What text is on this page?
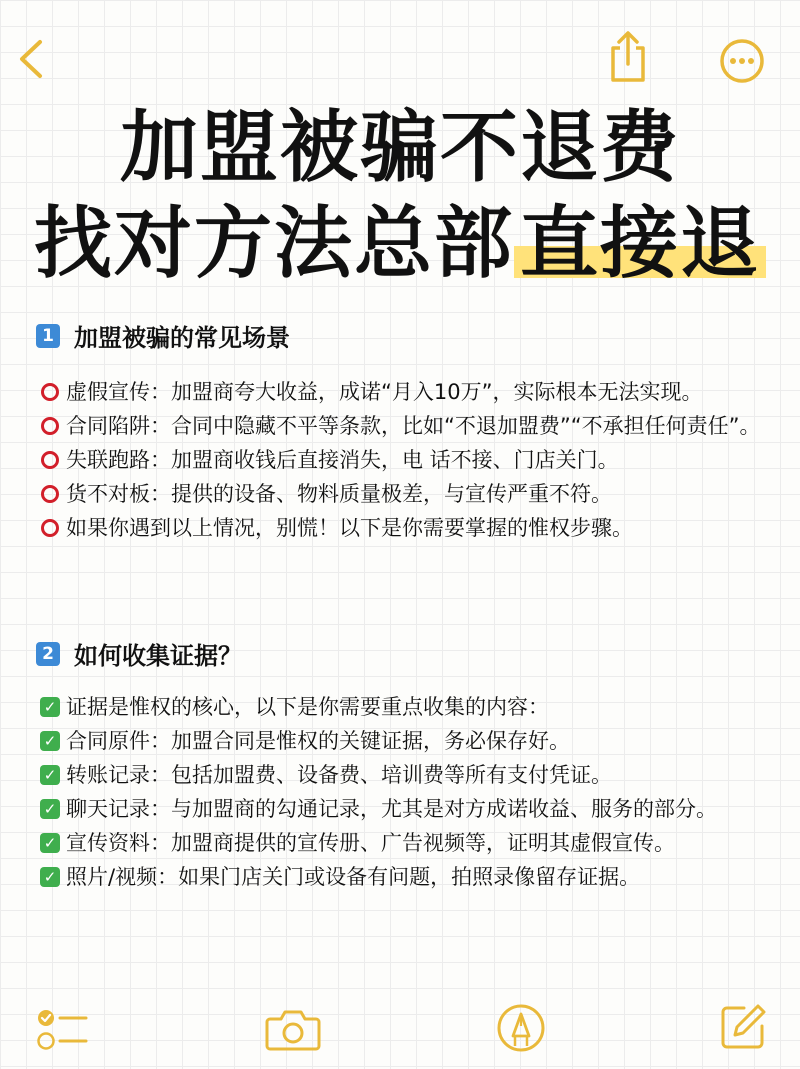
加盟被骗不退费
找对方法总部直接退
1 加盟被骗的常见场景
虚假宣传：加盟商夸大收益，成诺“月入10万”，实际根本无法实现。
合同陷阱：合同中隐藏不平等条款，比如“不退加盟费”“不承担任何责任”。
失联跑路：加盟商收钱后直接消失，电 话不接、门店关门。
货不对板：提供的设备、物料质量极差，与宣传严重不符。
如果你遇到以上情况，别慌！以下是你需要掌握的惟权步骤。
2 如何收集证据？
✓ 证据是惟权的核心，以下是你需要重点收集的内容：
✓ 合同原件：加盟合同是惟权的关键证据，务必保存好。
✓ 转账记录：包括加盟费、设备费、培训费等所有支付凭证。
✓ 聊天记录：与加盟商的勾通记录，尤其是对方成诺收益、服务的部分。
✓ 宣传资料：加盟商提供的宣传册、广告视频等，证明其虚假宣传。
✓ 照片/视频：如果门店关门或设备有问题，拍照录像留存证据。
